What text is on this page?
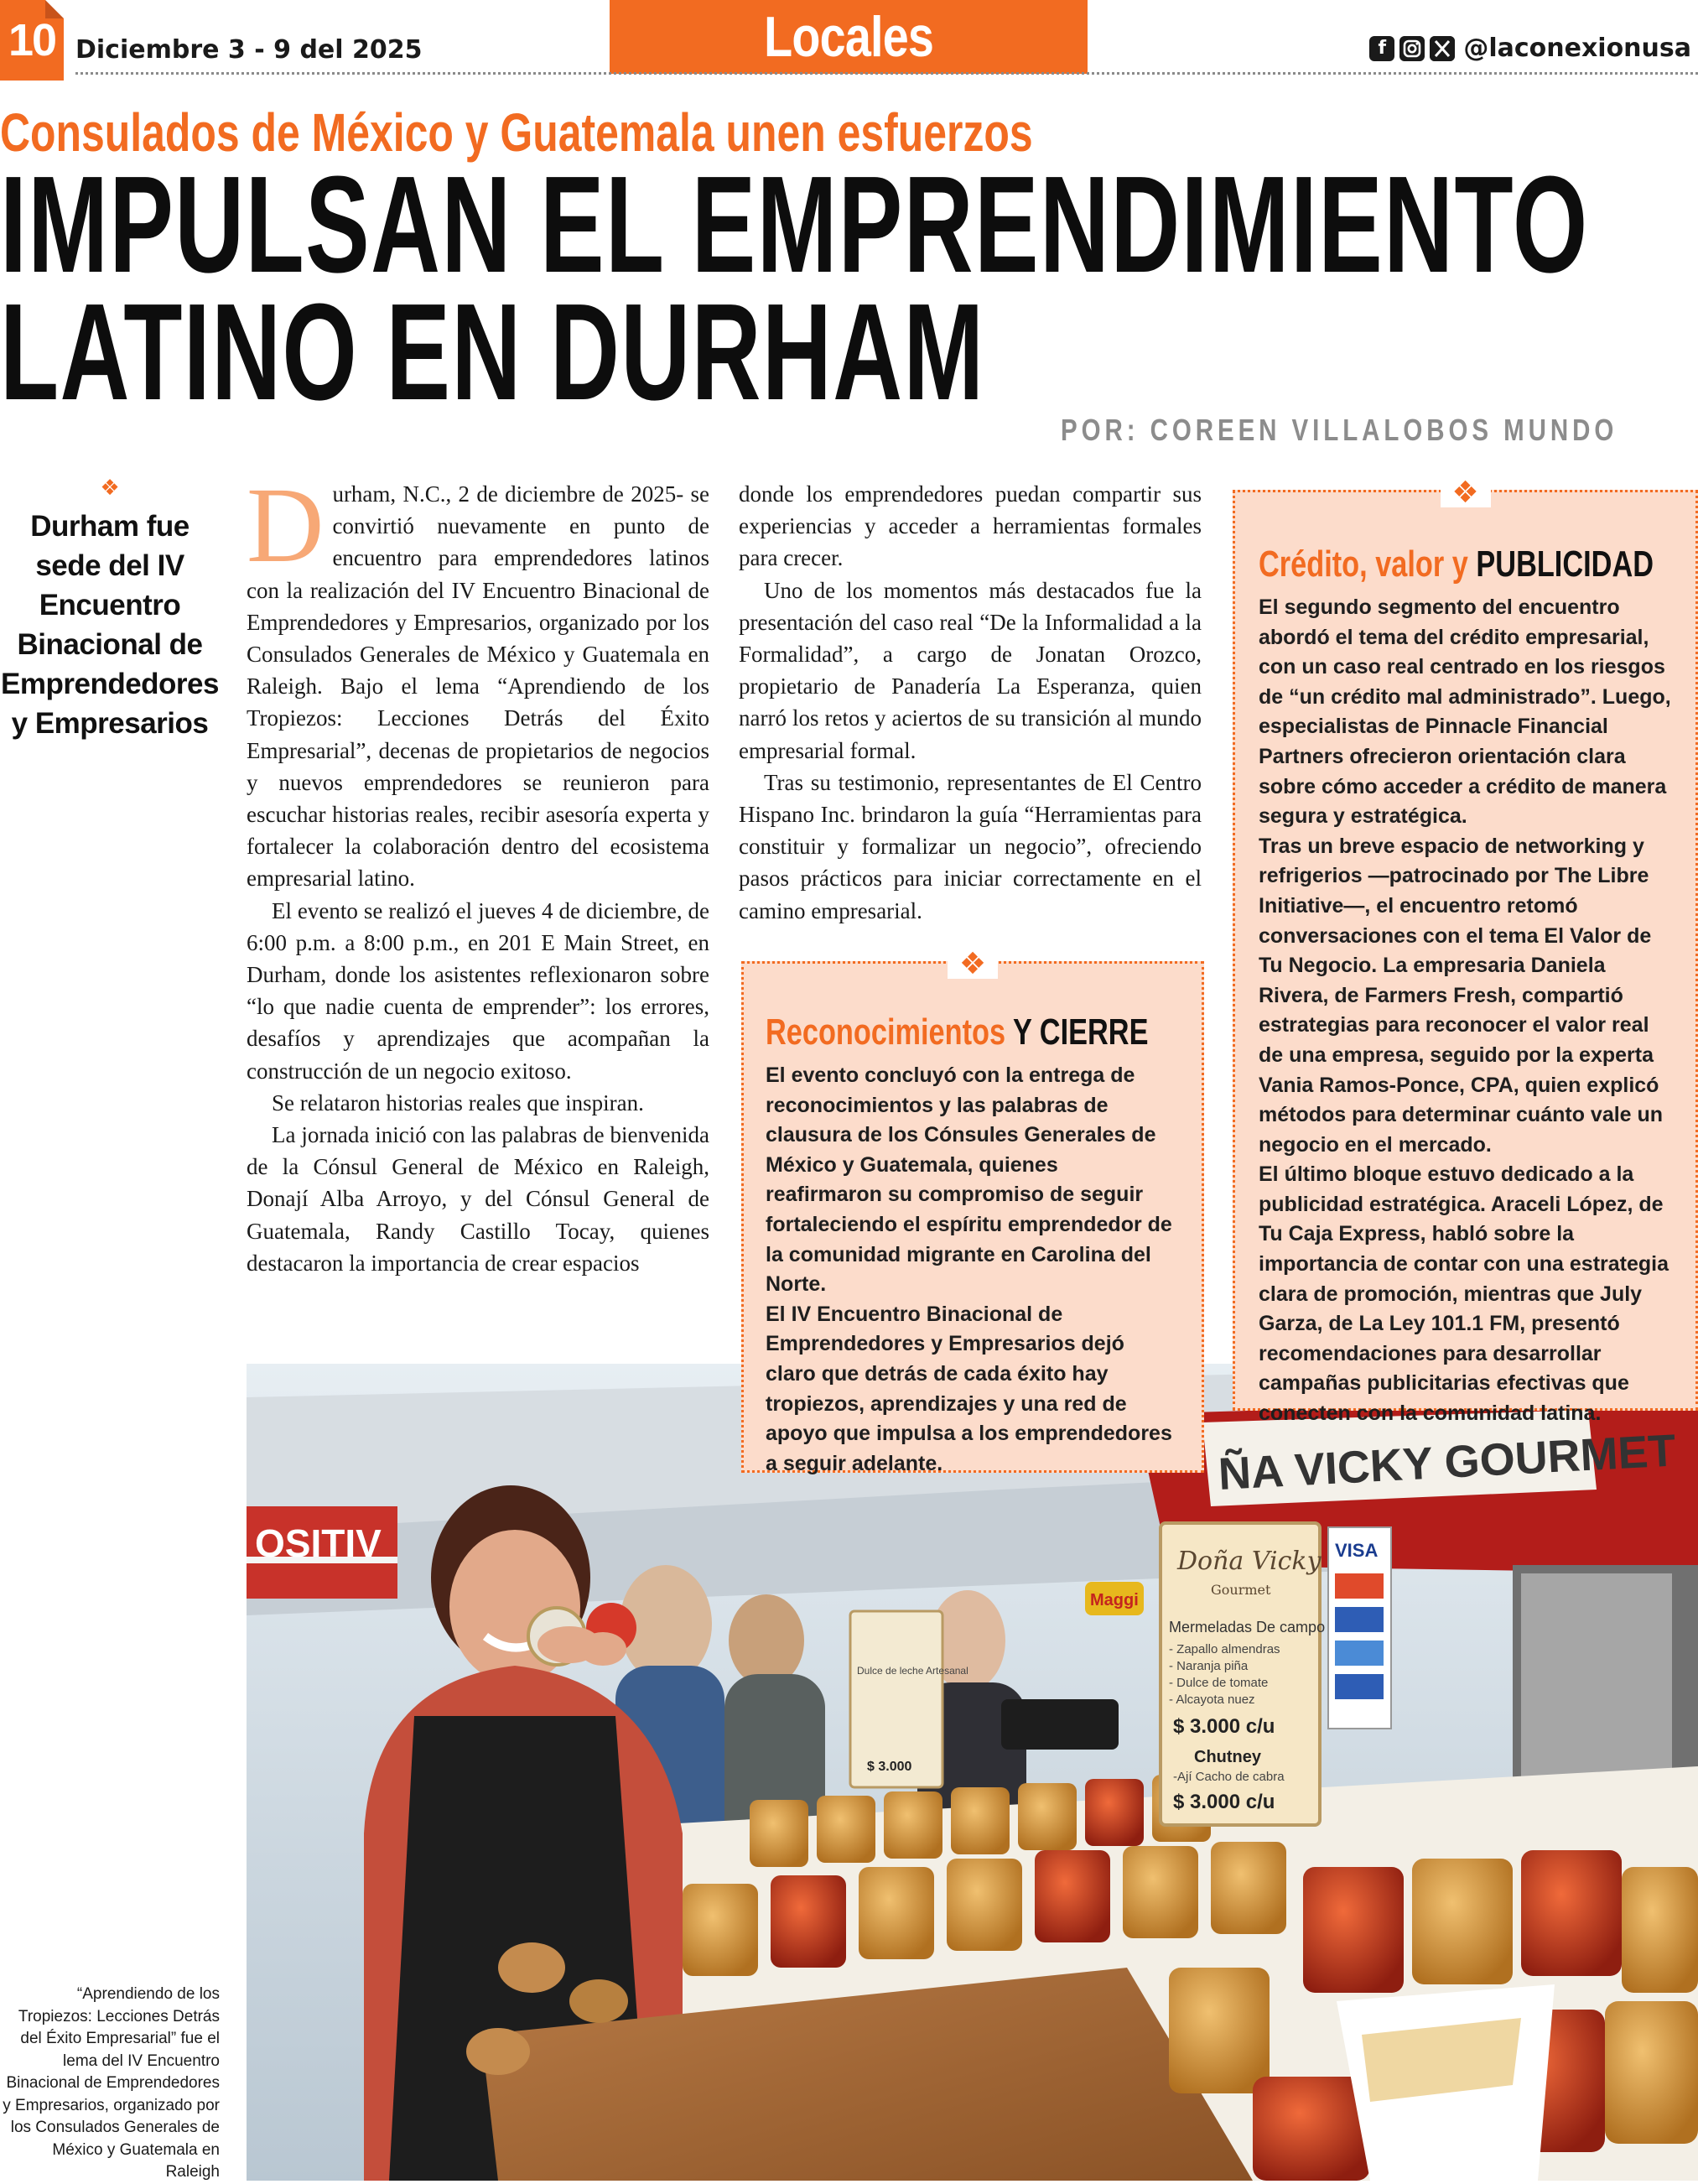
10 Diciembre 3 - 9 del 2025	Locales	f	@laconexionusa
Consulados de México y Guatemala unen esfuerzos
IMPULSAN EL EMPRENDIMIENTO
LATINO EN DURHAM
POR: COREEN VILLALOBOS MUNDO
❖
Durham fue sede del IV Encuentro Binacional de Emprendedores y Empresarios
D urham, N.C., 2 de diciembre de 2025- se convirtió nuevamente en punto de encuentro para emprendedores latinos con la realización del IV Encuentro Binacional de Emprendedores y Empresarios, organizado por los Consulados Generales de México y Guatemala en Raleigh. Bajo el lema “Aprendiendo de los Tropiezos: Lecciones Detrás del Éxito Empresarial”, decenas de propietarios de negocios y nuevos emprendedores se reunieron para escuchar historias reales, recibir asesoría experta y fortalecer la colaboración dentro del ecosistema empresarial latino.

El evento se realizó el jueves 4 de diciembre, de 6:00 p.m. a 8:00 p.m., en 201 E Main Street, en Durham, donde los asistentes reflexionaron sobre “lo que nadie cuenta de emprender”: los errores, desafíos y aprendizajes que acompañan la construcción de un negocio exitoso.

Se relataron historias reales que inspiran.

La jornada inició con las palabras de bienvenida de la Cónsul General de México en Raleigh, Donají Alba Arroyo, y del Cónsul General de Guatemala, Randy Castillo Tocay, quienes destacaron la importancia de crear espacios

donde los emprendedores puedan compartir sus experiencias y acceder a herramientas formales para crecer.

Uno de los momentos más destacados fue la presentación del caso real “De la Informalidad a la Formalidad”, a cargo de Jonatan Orozco, propietario de Panadería La Esperanza, quien narró los retos y aciertos de su transición al mundo empresarial formal.

Tras su testimonio, representantes de El Centro Hispano Inc. brindaron la guía “Herramientas para constituir y formalizar un negocio”, ofreciendo pasos prácticos para iniciar correctamente en el camino empresarial.

OSITIV
ÑA VICKY GOURMET
Doña Vicky
Gourmet
Mermeladas De campo
- Zapallo almendras
- Naranja piña
- Dulce de tomate
- Alcayota nuez
$ 3.000 c/u
Chutney
-Ají Cacho de cabra
$ 3.000 c/u
Dulce de leche Artesanal
$ 3.000
VISA
Maggi
❖
Reconocimientos Y CIERRE

El evento concluyó con la entrega de reconocimientos y las palabras de clausura de los Cónsules Generales de México y Guatemala, quienes reafirmaron su compromiso de seguir fortaleciendo el espíritu emprendedor de la comunidad migrante en Carolina del Norte.

El IV Encuentro Binacional de Emprendedores y Empresarios dejó claro que detrás de cada éxito hay tropiezos, aprendizajes y una red de apoyo que impulsa a los emprendedores a seguir adelante.

❖
Crédito, valor y PUBLICIDAD

El segundo segmento del encuentro abordó el tema del crédito empresarial, con un caso real centrado en los riesgos de “un crédito mal administrado”. Luego, especialistas de Pinnacle Financial Partners ofrecieron orientación clara sobre cómo acceder a crédito de manera segura y estratégica.

Tras un breve espacio de networking y refrigerios —patrocinado por The Libre Initiative—, el encuentro retomó conversaciones con el tema El Valor de Tu Negocio. La empresaria Daniela Rivera, de Farmers Fresh, compartió estrategias para reconocer el valor real de una empresa, seguido por la experta Vania Ramos-Ponce, CPA, quien explicó métodos para determinar cuánto vale un negocio en el mercado.

El último bloque estuvo dedicado a la publicidad estratégica. Araceli López, de Tu Caja Express, habló sobre la importancia de contar con una estrategia clara de promoción, mientras que July Garza, de La Ley 101.1 FM, presentó recomendaciones para desarrollar campañas publicitarias efectivas que conecten con la comunidad latina.

“Aprendiendo de los Tropiezos: Lecciones Detrás del Éxito Empresarial” fue el lema del IV Encuentro Binacional de Emprendedores y Empresarios, organizado por los Consulados Generales de México y Guatemala en Raleigh
